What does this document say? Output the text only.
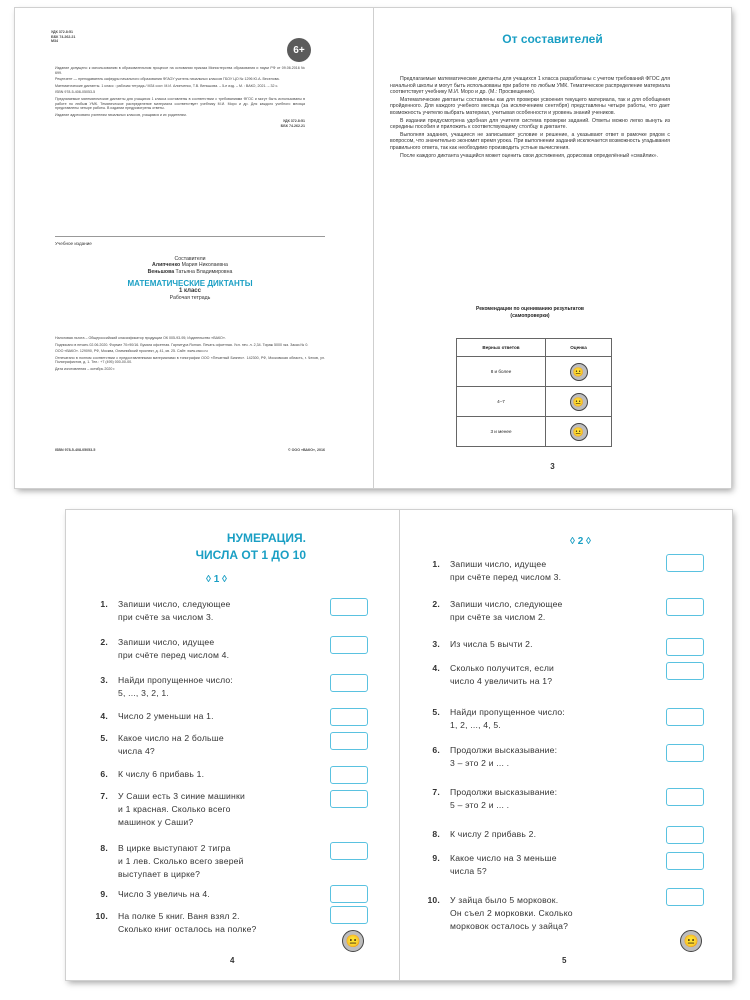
УДК 372.8:51
ББК 74.262.21
М34
6+

Издание допущено к использованию в образовательном процессе на основании приказа Министерства образования и науки РФ от 09.06.2016 № 699.

Рецензент — преподаватель кафедры начального образования ФГАОУ учитель начальных классов ГБОУ ЦО № 1296 Ю.А. Веселова.

Математические диктанты. 1 класс : рабочая тетрадь / М34 сост. М.И. Алипченко, Т.В. Веньшова. – 5-е изд. – М. : ВАКО, 2021. – 32 с.

ISBN 978-5-408-05053-5

Предлагаемые математические диктанты для учащихся 1 класса составлены в соответствии с требованиями ФГОС и могут быть использованы в работе по любым УМК. Тематическое распределение материала соответствует учебнику М.И. Моро и др. Для каждого учебного месяца представлены четыре работы. В издании предусмотрены ответы.

Издание адресовано учителям начальных классов, учащимся и их родителям.

УДК 372.8:51
ББК 74.262.21
Учебное издание
Составители
Алипченко Мария Николаевна
Веньшова Татьяна Владимировна
МАТЕМАТИЧЕСКИЕ ДИКТАНТЫ
1 класс
Рабочая тетрадь

Налоговая льгота – Общероссийский классификатор продукции ОК 005-93-95; Издательство «ВАКО».

Подписано в печать 02.06.2020. Формат 70×90/16. Бумага офсетная. Гарнитура Roman. Печать офсетная. Усл. печ. л. 2,34. Тираж 5000 экз. Заказ № 0.

ООО «ВАКО». 129090, РФ, Москва, Олимпийский проспект, д. 41, кв. 25. Сайт: www.vaco.ru

Отпечатано в полном соответствии с предоставленными материалами в типографии ООО «Печатный Бизнес». 142300, РФ, Московская область, г. Чехов, ул. Полиграфистов, д. 1. Тел.: +7 (495) 000-00-00.

Дата изготовления – октябрь 2020 г.

ISBN 978-5-408-05053-5	© ООО «ВАКО», 2016
От составителей

Предлагаемые математические диктанты для учащихся 1 класса разработаны с учетом требований ФГОС для начальной школы и могут быть использованы при работе по любым УМК. Тематическое распределение материала соответствует учебнику М.И. Моро и др. (М.: Просвещение).

Математические диктанты составлены как для проверки усвоения текущего материала, так и для обобщения пройденного. Для каждого учебного месяца (за исключением сентября) представлены четыре работы, что дает возможность учителю выбрать материал, учитывая особенности и уровень знаний учеников.

В издании предусмотрена удобная для учителя система проверки заданий. Ответы можно легко вынуть из середины пособия и приложить к соответствующему столбцу в диктанте.

Выполняя задания, учащиеся не записывают условие и решение, а указывают ответ в рамочке рядом с вопросом, что значительно экономит время урока. При выполнении заданий исключается возможность угадывания правильного ответа, так как необходимо производить устные вычисления.

После каждого диктанта учащийся может оценить свои достижения, дорисовав определённый «смайлик».

Рекомендации по оцениванию результатов
(самопроверки)
Верных ответов	Оценка
8 и более	😐
4–7	😐
3 и менее	😐
3
НУМЕРАЦИЯ.
ЧИСЛА ОТ 1 ДО 10
◊ 1 ◊
1. Запиши число, следующее
при счёте за числом 3.
2. Запиши число, идущее
при счёте перед числом 4.
3. Найди пропущенное число:
5, ..., 3, 2, 1.
4. Число 2 уменьши на 1.
5. Какое число на 2 больше
числа 4?
6. К числу 6 прибавь 1.
7. У Саши есть 3 синие машинки
и 1 красная. Сколько всего
машинок у Саши?
8. В цирке выступают 2 тигра
и 1 лев. Сколько всего зверей
выступает в цирке?
9. Число 3 увеличь на 4.
10. На полке 5 книг. Ваня взял 2.
Сколько книг осталось на полке?
😐
4
◊ 2 ◊
1. Запиши число, идущее
при счёте перед числом 3.
2. Запиши число, следующее
при счёте за числом 2.
3. Из числа 5 вычти 2.
4. Сколько получится, если
число 4 увеличить на 1?
5. Найди пропущенное число:
1, 2, ..., 4, 5.
6. Продолжи высказывание:
3 – это 2 и ... .
7. Продолжи высказывание:
5 – это 2 и ... .
8. К числу 2 прибавь 2.
9. Какое число на 3 меньше
числа 5?
10. У зайца было 5 морковок.
Он съел 2 морковки. Сколько
морковок осталось у зайца?
😐
5
